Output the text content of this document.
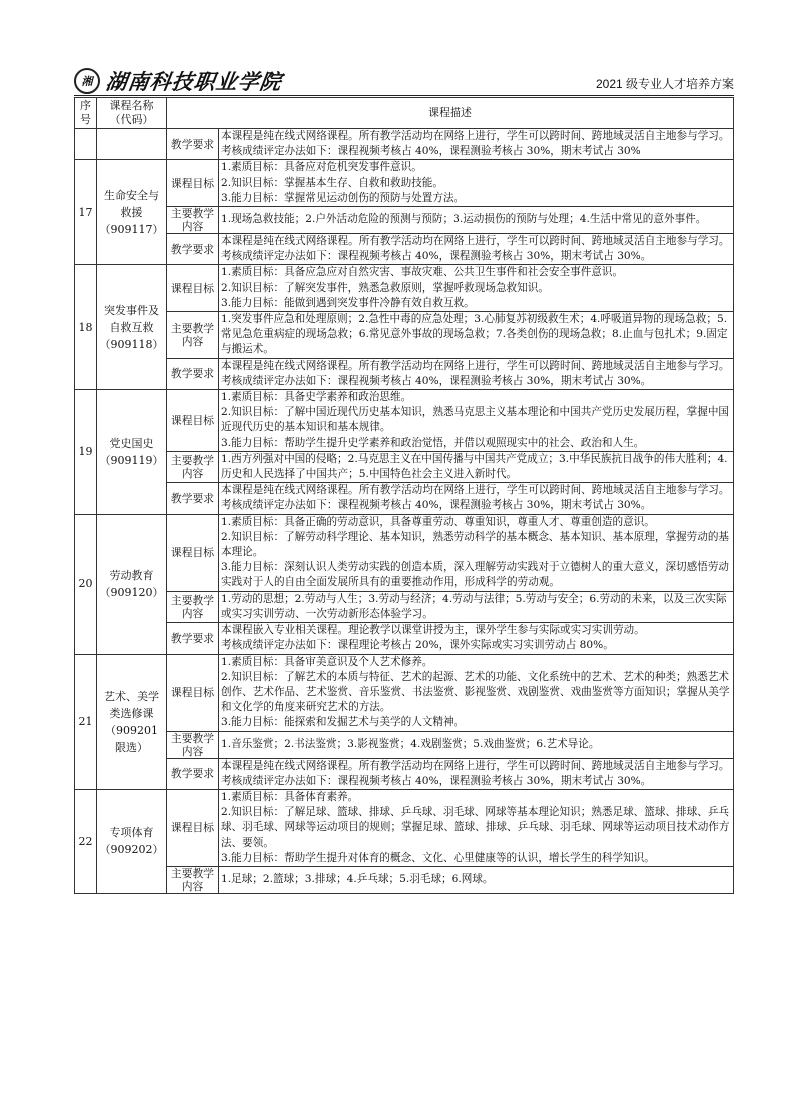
湘 湖南科技职业学院	2021 级专业人才培养方案
序号	课程名称（代码）	课程描述	
		教学要求	本课程是纯在线式网络课程。所有教学活动均在网络上进行，学生可以跨时间、跨地域灵活自主地参与学习。
考核成绩评定办法如下：课程视频考核占 40%，课程测验考核占 30%，期末考试占 30%

17	生命安全与救援（909117）	课程目标	1.素质目标：具备应对危机突发事件意识。
2.知识目标：掌握基本生存、自救和救助技能。
3.能力目标：掌握常见运动创伤的预防与处置方法。

		主要教学内容	1.现场急救技能；2.户外活动危险的预测与预防；3.运动损伤的预防与处理；4.生活中常见的意外事件。

		教学要求	本课程是纯在线式网络课程。所有教学活动均在网络上进行，学生可以跨时间、跨地域灵活自主地参与学习。
考核成绩评定办法如下：课程视频考核占 40%，课程测验考核占 30%，期末考试占 30%。

18	突发事件及自救互救（909118）	课程目标	1.素质目标：具备应急应对自然灾害、事故灾难、公共卫生事件和社会安全事件意识。
2.知识目标：了解突发事件，熟悉急救原则，掌握呼救现场急救知识。
3.能力目标：能做到遇到突发事件冷静有效自救互救。

		主要教学内容	1.突发事件应急和处理原则；2.急性中毒的应急处理；3.心肺复苏初级救生术；4.呼吸道异物的现场急救；5.常见急危重病症的现场急救；6.常见意外事故的现场急救；7.各类创伤的现场急救；8.止血与包扎术；9.固定与搬运术。

		教学要求	本课程是纯在线式网络课程。所有教学活动均在网络上进行，学生可以跨时间、跨地域灵活自主地参与学习。
考核成绩评定办法如下：课程视频考核占 40%，课程测验考核占 30%，期末考试占 30%。

19	党史国史（909119）	课程目标	1.素质目标：具备史学素养和政治思维。
2.知识目标：了解中国近现代历史基本知识，熟悉马克思主义基本理论和中国共产党历史发展历程，掌握中国近现代历史的基本知识和基本规律。
3.能力目标：帮助学生提升史学素养和政治觉悟，并借以观照现实中的社会、政治和人生。

		主要教学内容	1.西方列强对中国的侵略；2.马克思主义在中国传播与中国共产党成立；3.中华民族抗日战争的伟大胜利；4.历史和人民选择了中国共产；5.中国特色社会主义进入新时代。

		教学要求	本课程是纯在线式网络课程。所有教学活动均在网络上进行，学生可以跨时间、跨地域灵活自主地参与学习。
考核成绩评定办法如下：课程视频考核占 40%，课程测验考核占 30%，期末考试占 30%。

20	劳动教育（909120）	课程目标	1.素质目标：具备正确的劳动意识，具备尊重劳动、尊重知识，尊重人才、尊重创造的意识。
2.知识目标：了解劳动科学理论、基本知识，熟悉劳动科学的基本概念、基本知识、基本原理，掌握劳动的基本理论。
3.能力目标：深刻认识人类劳动实践的创造本质，深入理解劳动实践对于立德树人的重大意义，深切感悟劳动实践对于人的自由全面发展所具有的重要推动作用，形成科学的劳动观。

		主要教学内容	1.劳动的思想；2.劳动与人生；3.劳动与经济；4.劳动与法律；5.劳动与安全；6.劳动的未来，以及三次实际或实习实训劳动、一次劳动新形态体验学习。

		教学要求	本课程嵌入专业相关课程。理论教学以课堂讲授为主，课外学生参与实际或实习实训劳动。
考核成绩评定办法如下：课程理论考核占 20%，课外实际或实习实训劳动占 80%。

21	艺术、美学类选修课（909201 限选）	课程目标	1.素质目标：具备审美意识及个人艺术修养。
2.知识目标：了解艺术的本质与特征、艺术的起源、艺术的功能、文化系统中的艺术、艺术的种类；熟悉艺术创作、艺术作品、艺术鉴赏、音乐鉴赏、书法鉴赏、影视鉴赏、戏剧鉴赏、戏曲鉴赏等方面知识；掌握从美学和文化学的角度来研究艺术的方法。
3.能力目标：能探索和发掘艺术与美学的人文精神。

		主要教学内容	1.音乐鉴赏；2.书法鉴赏；3.影视鉴赏；4.戏剧鉴赏；5.戏曲鉴赏；6.艺术导论。

		教学要求	本课程是纯在线式网络课程。所有教学活动均在网络上进行，学生可以跨时间、跨地域灵活自主地参与学习。
考核成绩评定办法如下：课程视频考核占 40%，课程测验考核占 30%，期末考试占 30%。

22	专项体育（909202）	课程目标	1.素质目标：具备体育素养。
2.知识目标：了解足球、篮球、排球、乒乓球、羽毛球、网球等基本理论知识；熟悉足球、篮球、排球、乒乓球、羽毛球、网球等运动项目的规则；掌握足球、篮球、排球、乒乓球、羽毛球、网球等运动项目技术动作方法、要领。
3.能力目标：帮助学生提升对体育的概念、文化、心里健康等的认识，增长学生的科学知识。

		主要教学内容	1.足球；2.篮球；3.排球；4.乒乓球；5.羽毛球；6.网球。
